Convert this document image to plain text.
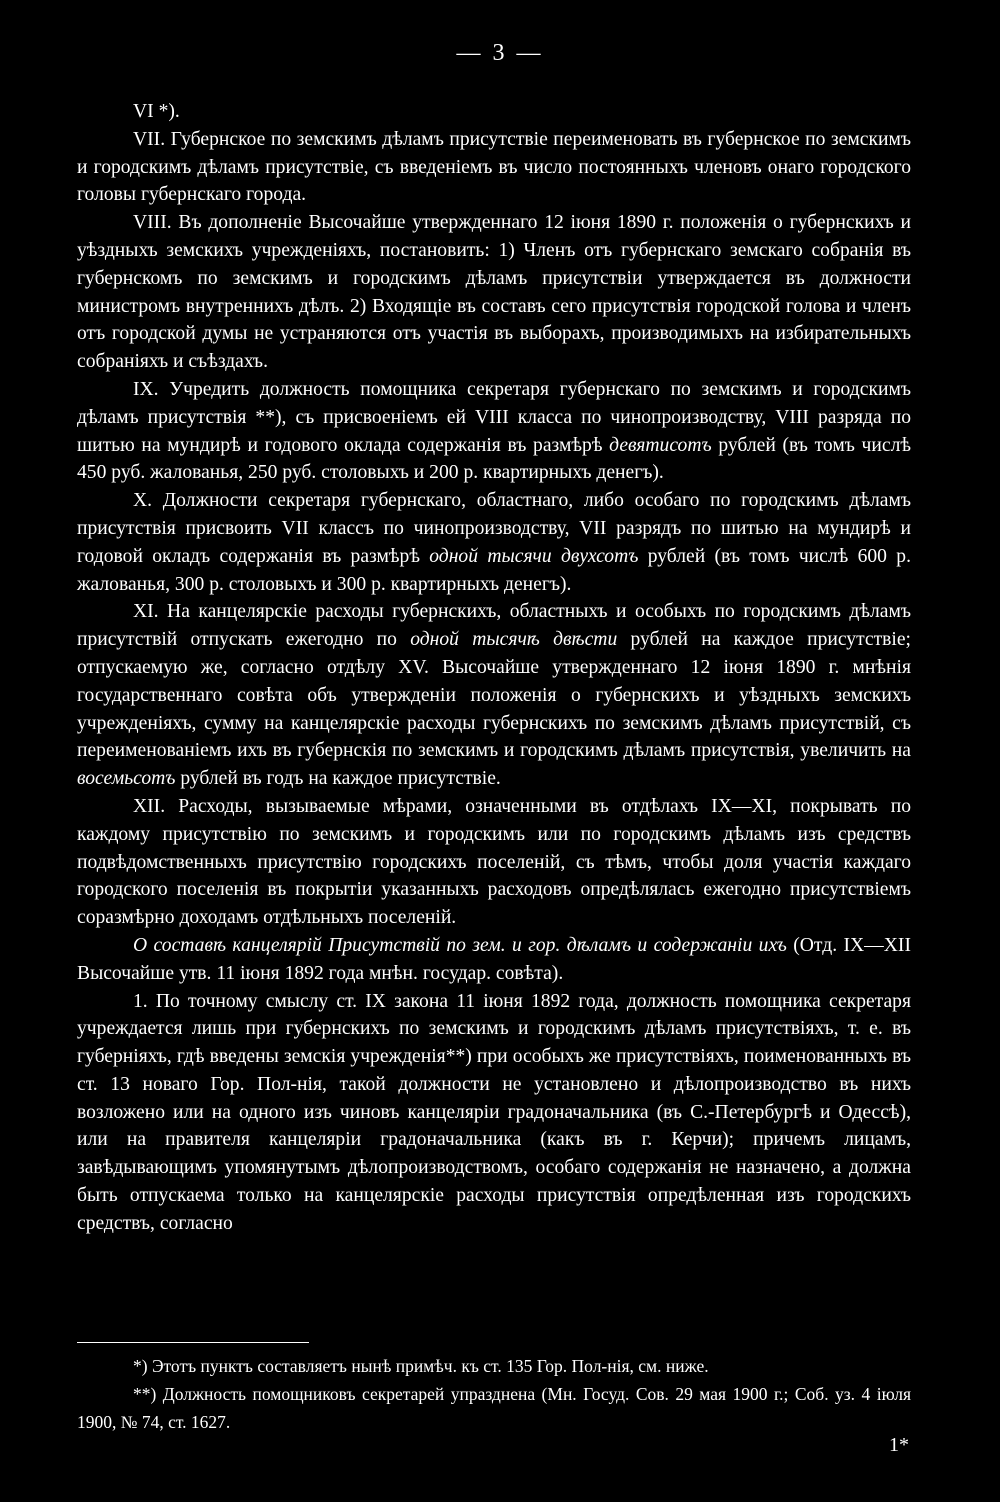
— 3 —

VI *).

VII. Губернское по земскимъ дѣламъ присутствіе переименовать въ губернское по земскимъ и городскимъ дѣламъ присутствіе, съ введеніемъ въ число постоянныхъ членовъ онаго городского головы губернскаго города.

VIII. Въ дополненіе Высочайше утвержденнаго 12 іюня 1890 г. положенія о губернскихъ и уѣздныхъ земскихъ учрежденіяхъ, постановить: 1) Членъ отъ губернскаго земскаго собранія въ губернскомъ по земскимъ и городскимъ дѣламъ присутствіи утверждается въ должности министромъ внутреннихъ дѣлъ. 2) Входящіе въ составъ сего присутствія городской голова и членъ отъ городской думы не устраняются отъ участія въ выборахъ, производимыхъ на избирательныхъ собраніяхъ и съѣздахъ.

IX. Учредить должность помощника секретаря губернскаго по земскимъ и городскимъ дѣламъ присутствія **), съ присвоеніемъ ей VIII класса по чинопроизводству, VIII разряда по шитью на мундирѣ и годового оклада содержанія въ размѣрѣ девятисотъ рублей (въ томъ числѣ 450 руб. жалованья, 250 руб. столовыхъ и 200 р. квартирныхъ денегъ).

X. Должности секретаря губернскаго, областнаго, либо особаго по городскимъ дѣламъ присутствія присвоить VII классъ по чинопроизводству, VII разрядъ по шитью на мундирѣ и годовой окладъ содержанія въ размѣрѣ одной тысячи двухсотъ рублей (въ томъ числѣ 600 р. жалованья, 300 р. столовыхъ и 300 р. квартирныхъ денегъ).

XI. На канцелярскіе расходы губернскихъ, областныхъ и особыхъ по городскимъ дѣламъ присутствій отпускать ежегодно по одной тысячѣ двѣсти рублей на каждое присутствіе; отпускаемую же, согласно отдѣлу XV. Высочайше утвержденнаго 12 іюня 1890 г. мнѣнія государственнаго совѣта объ утвержденіи положенія о губернскихъ и уѣздныхъ земскихъ учрежденіяхъ, сумму на канцелярскіе расходы губернскихъ по земскимъ дѣламъ присутствій, съ переименованіемъ ихъ въ губернскія по земскимъ и городскимъ дѣламъ присутствія, увеличить на восемьсотъ рублей въ годъ на каждое присутствіе.

XII. Расходы, вызываемые мѣрами, означенными въ отдѣлахъ IX—XI, покрывать по каждому присутствію по земскимъ и городскимъ или по городскимъ дѣламъ изъ средствъ подвѣдомственныхъ присутствію городскихъ поселеній, съ тѣмъ, чтобы доля участія каждаго городского поселенія въ покрытіи указанныхъ расходовъ опредѣлялась ежегодно присутствіемъ соразмѣрно доходамъ отдѣльныхъ поселеній.

О составѣ канцелярій Присутствій по зем. и гор. дѣламъ и содержаніи ихъ (Отд. IX—XII Высочайше утв. 11 іюня 1892 года мнѣн. государ. совѣта).

1. По точному смыслу ст. IX закона 11 іюня 1892 года, должность помощника секретаря учреждается лишь при губернскихъ по земскимъ и городскимъ дѣламъ присутствіяхъ, т. е. въ губерніяхъ, гдѣ введены земскія учрежденія**) при особыхъ же присутствіяхъ, поименованныхъ въ ст. 13 новаго Гор. Пол-нія, такой должности не установлено и дѣлопроизводство въ нихъ возложено или на одного изъ чиновъ канцеляріи градоначальника (въ С.-Петербургѣ и Одессѣ), или на правителя канцеляріи градоначальника (какъ въ г. Керчи); причемъ лицамъ, завѣдывающимъ упомянутымъ дѣлопроизводствомъ, особаго содержанія не назначено, а должна быть отпускаема только на канцелярскіе расходы присутствія опредѣленная изъ городскихъ средствъ, согласно

*) Этотъ пунктъ составляетъ нынѣ примѣч. къ ст. 135 Гор. Пол-нія, см. ниже.

**) Должность помощниковъ секретарей упразднена (Мн. Госуд. Сов. 29 мая 1900 г.; Соб. уз. 4 іюля 1900, № 74, ст. 1627.

1*
